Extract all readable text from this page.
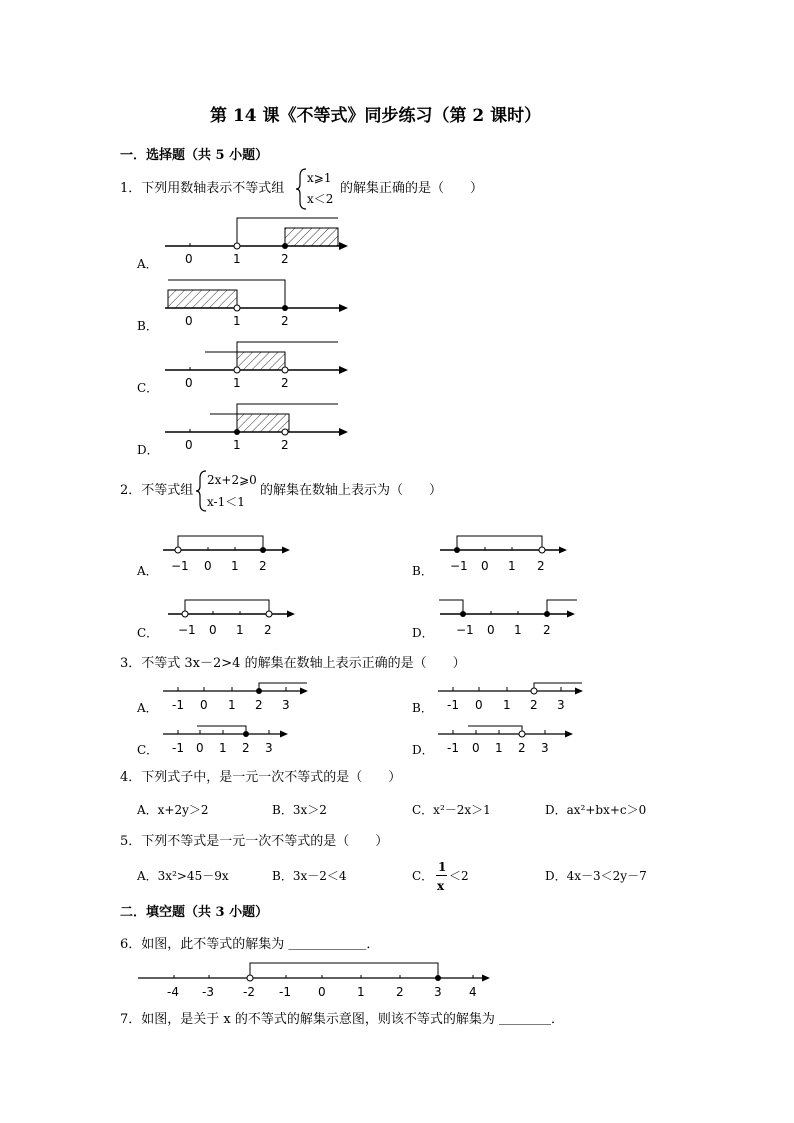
第 14 课《不等式》同步练习（第 2 课时）
一．选择题（共 5 小题）
1．下列用数轴表示不等式组
x⩾1
x＜2
的解集正确的是（　　）
A．
B．
C．
D．
0	1	2
0	1	2
0	1	2
0	1	2
2．不等式组
2x+2⩾0
x-1＜1
的解集在数轴上表示为（　　）
A．	B．
C．	D．
−1 0 1 2	−1 0 1 2
−1 0 1 2	−1 0 1 2
3．不等式 3x－2>4 的解集在数轴上表示正确的是（　　）
A．	B．
C．	D．
-1 0 1 2 3	-1 0 1 2 3
-1 0 1 2 3	-1 0 1 2 3
4．下列式子中，是一元一次不等式的是（　　）
A．x+2y＞2	B．3x＞2	C．x²－2x＞1	D．ax²+bx+c＞0
5．下列不等式是一元一次不等式的是（　　）
A．3x²>45－9x	B．3x－2＜4	C．
1
x
＜2	D．4x－3＜2y－7
二．填空题（共 3 小题）
6．如图，此不等式的解集为 ＿＿＿＿＿＿．
-4 -3 -2 -1 0	1	2	3 4
7．如图，是关于 x 的不等式的解集示意图，则该不等式的解集为 ＿＿＿＿．
